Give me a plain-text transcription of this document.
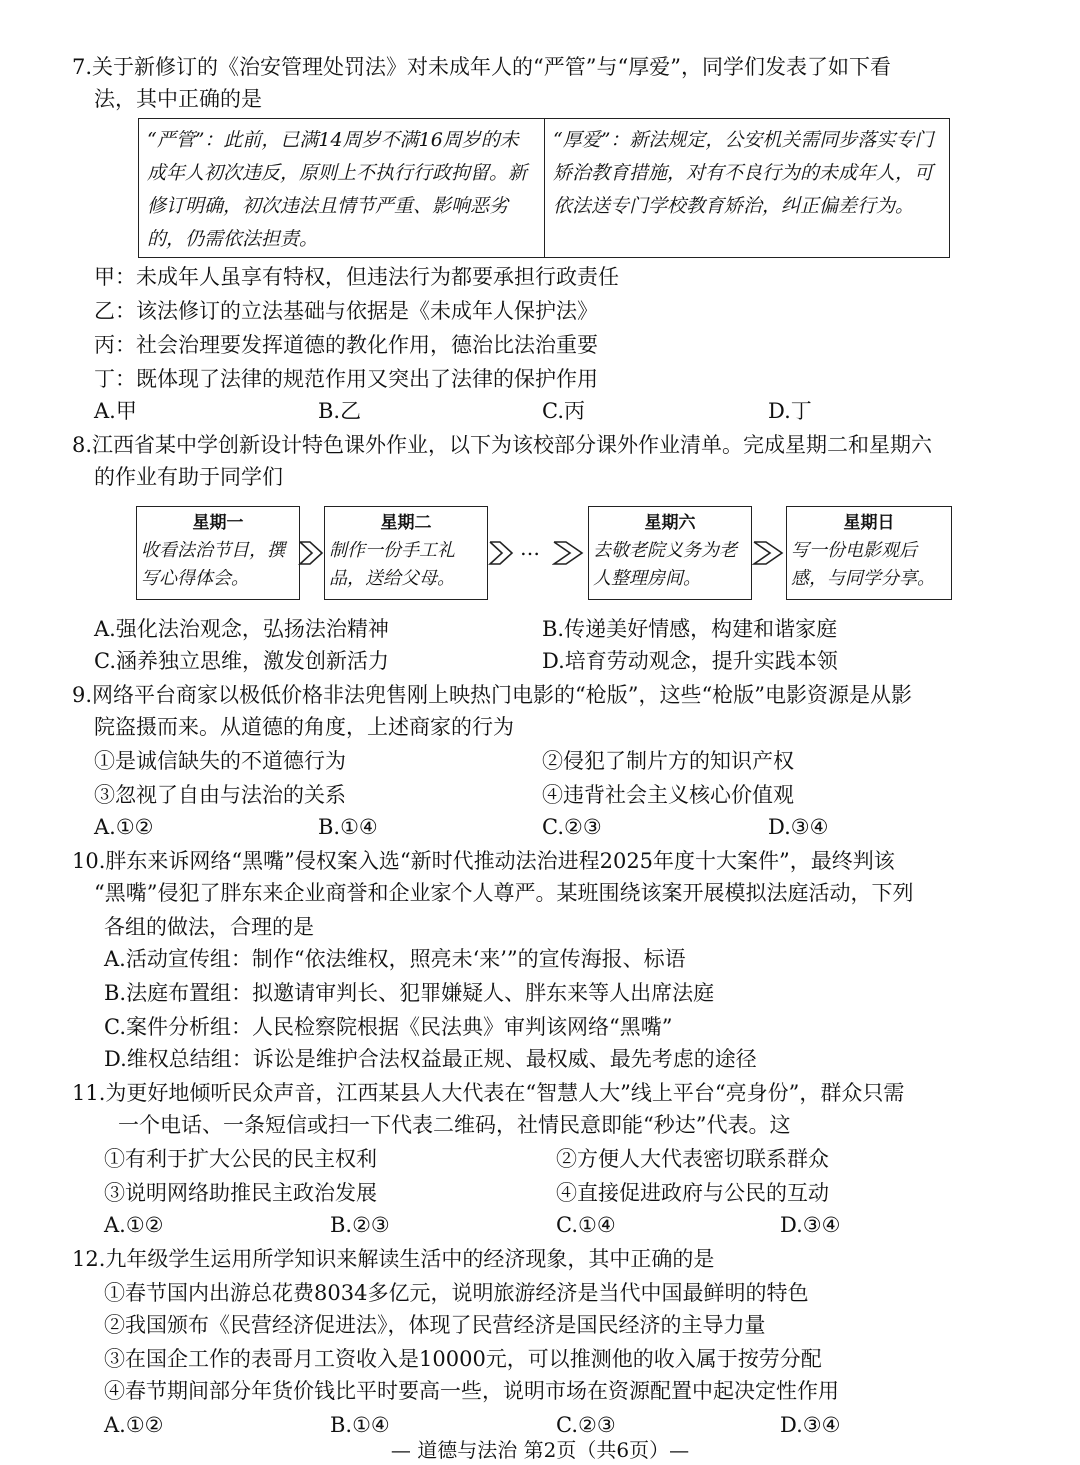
7.关于新修订的《治安管理处罚法》对未成年人的“严管”与“厚爱”，同学们发表了如下看
法，其中正确的是
“严管”：此前，已满14周岁不满16周岁的未成年人初次违反，原则上不执行行政拘留。新修订明确，初次违法且情节严重、影响恶劣的，仍需依法担责。
“厚爱”：新法规定，公安机关需同步落实专门矫治教育措施，对有不良行为的未成年人，可依法送专门学校教育矫治，纠正偏差行为。
甲：未成年人虽享有特权，但违法行为都要承担行政责任
乙：该法修订的立法基础与依据是《未成年人保护法》
丙：社会治理要发挥道德的教化作用，德治比法治重要
丁：既体现了法律的规范作用又突出了法律的保护作用
A.甲	B.乙	C.丙	D.丁
8.江西省某中学创新设计特色课外作业，以下为该校部分课外作业清单。完成星期二和星期六
的作业有助于同学们
星期一
收看法治节目，撰写心得体会。
星期二
制作一份手工礼品，送给父母。
…
星期六
去敬老院义务为老人整理房间。
星期日
写一份电影观后感，与同学分享。
A.强化法治观念，弘扬法治精神	B.传递美好情感，构建和谐家庭
C.涵养独立思维，激发创新活力	D.培育劳动观念，提升实践本领
9.网络平台商家以极低价格非法兜售刚上映热门电影的“枪版”，这些“枪版”电影资源是从影
院盗摄而来。从道德的角度，上述商家的行为
①是诚信缺失的不道德行为	②侵犯了制片方的知识产权
③忽视了自由与法治的关系	④违背社会主义核心价值观
A.①②	B.①④	C.②③	D.③④
10.胖东来诉网络“黑嘴”侵权案入选“新时代推动法治进程2025年度十大案件”，最终判该
“黑嘴”侵犯了胖东来企业商誉和企业家个人尊严。某班围绕该案开展模拟法庭活动，下列
各组的做法，合理的是
A.活动宣传组：制作“依法维权，照亮未‘来’”的宣传海报、标语
B.法庭布置组：拟邀请审判长、犯罪嫌疑人、胖东来等人出席法庭
C.案件分析组：人民检察院根据《民法典》审判该网络“黑嘴”
D.维权总结组：诉讼是维护合法权益最正规、最权威、最先考虑的途径
11.为更好地倾听民众声音，江西某县人大代表在“智慧人大”线上平台“亮身份”，群众只需
一个电话、一条短信或扫一下代表二维码，社情民意即能“秒达”代表。这
①有利于扩大公民的民主权利	②方便人大代表密切联系群众
③说明网络助推民主政治发展	④直接促进政府与公民的互动
A.①②	B.②③	C.①④	D.③④
12.九年级学生运用所学知识来解读生活中的经济现象，其中正确的是
①春节国内出游总花费8034多亿元，说明旅游经济是当代中国最鲜明的特色
②我国颁布《民营经济促进法》，体现了民营经济是国民经济的主导力量
③在国企工作的表哥月工资收入是10000元，可以推测他的收入属于按劳分配
④春节期间部分年货价钱比平时要高一些，说明市场在资源配置中起决定性作用
A.①②	B.①④	C.②③	D.③④
— 道德与法治 第2页（共6页）—
